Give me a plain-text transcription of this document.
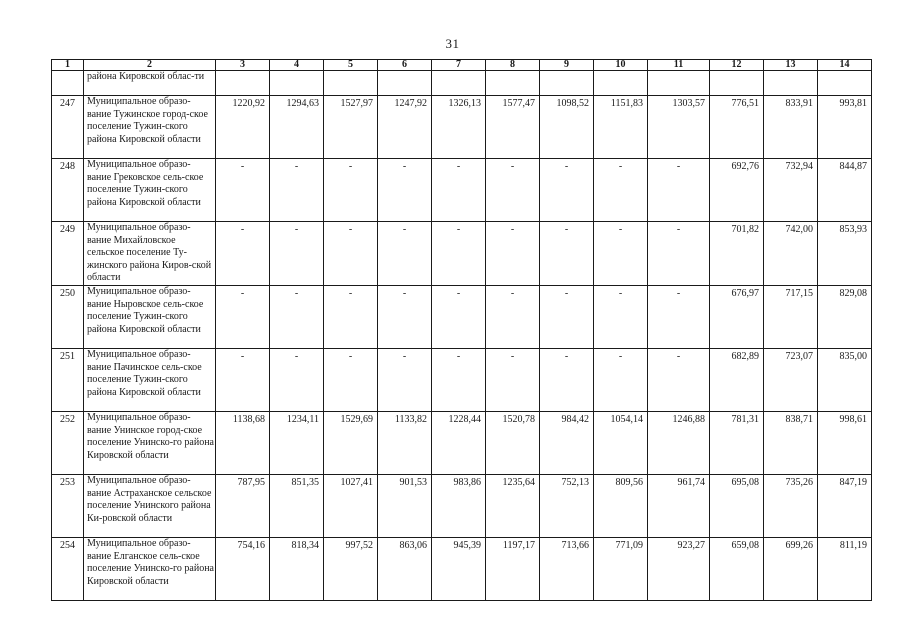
31
1	2	3	4	5	6	7	8	9	10	11	12	13	14
	района Кировской облас-ти												
247	Муниципальное образо-вание Тужинское город-ское поселение Тужин-ского района Кировской области	1220,92	1294,63	1527,97	1247,92	1326,13	1577,47	1098,52	1151,83	1303,57	776,51	833,91	993,81
248	Муниципальное образо-вание Грековское сель-ское поселение Тужин-ского района Кировской области	-	-	-	-	-	-	-	-	-	692,76	732,94	844,87
249	Муниципальное образо-вание Михайловское сельское поселение Ту-жинского района Киров-ской области	-	-	-	-	-	-	-	-	-	701,82	742,00	853,93
250	Муниципальное образо-вание Ныровское сель-ское поселение Тужин-ского района Кировской области	-	-	-	-	-	-	-	-	-	676,97	717,15	829,08
251	Муниципальное образо-вание Пачинское сель-ское поселение Тужин-ского района Кировской области	-	-	-	-	-	-	-	-	-	682,89	723,07	835,00
252	Муниципальное образо-вание Унинское город-ское поселение Унинско-го района Кировской области	1138,68	1234,11	1529,69	1133,82	1228,44	1520,78	984,42	1054,14	1246,88	781,31	838,71	998,61
253	Муниципальное образо-вание Астраханское сельское поселение Унинского района Ки-ровской области	787,95	851,35	1027,41	901,53	983,86	1235,64	752,13	809,56	961,74	695,08	735,26	847,19
254	Муниципальное образо-вание Елганское сель-ское поселение Унинско-го района Кировской области	754,16	818,34	997,52	863,06	945,39	1197,17	713,66	771,09	923,27	659,08	699,26	811,19
